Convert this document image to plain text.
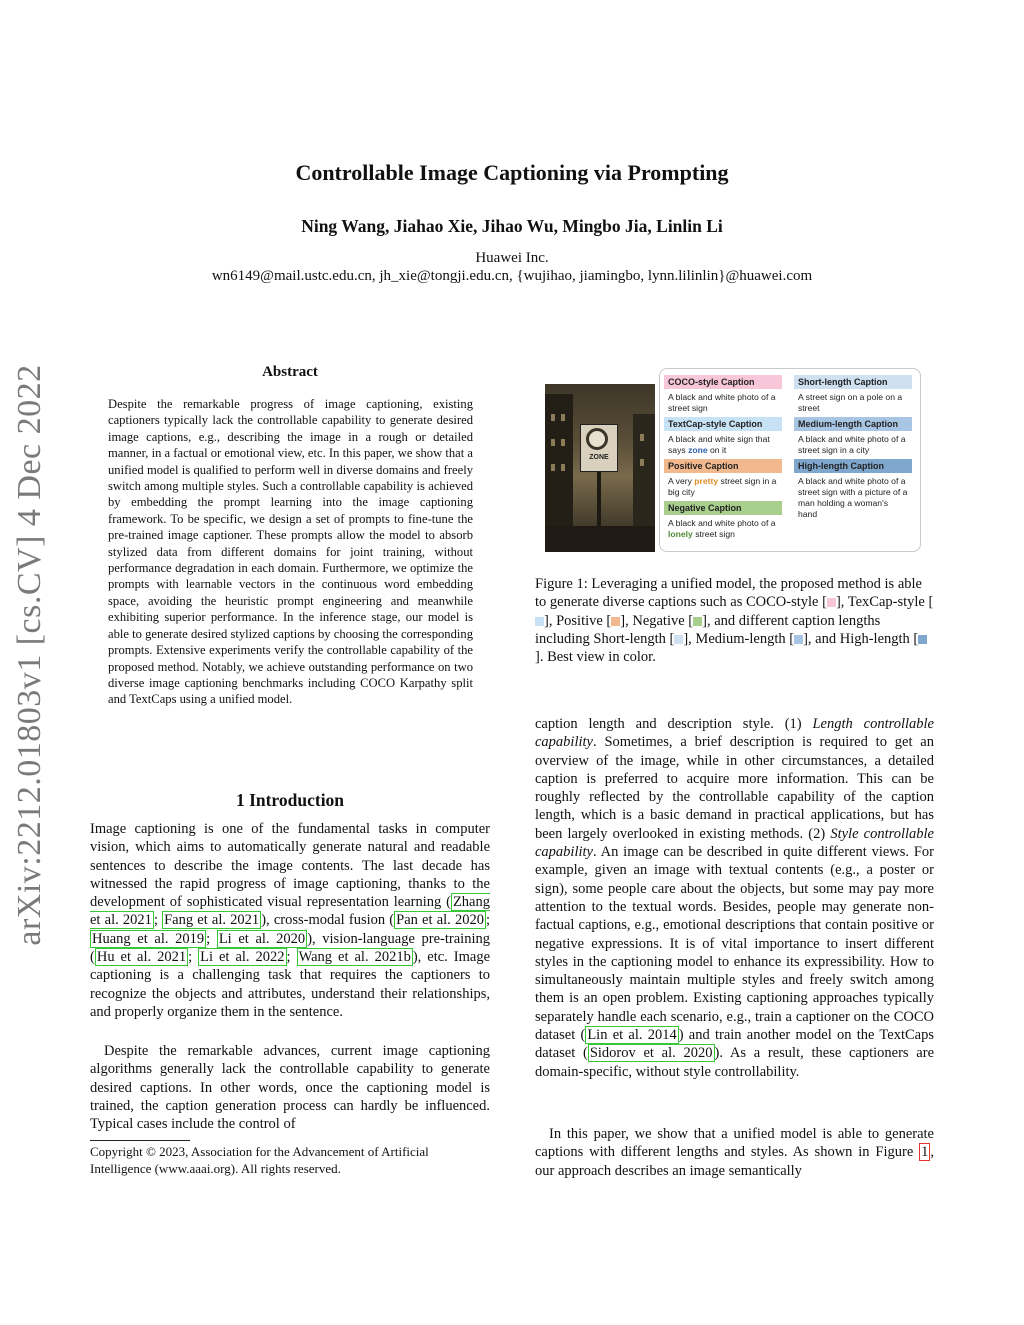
Controllable Image Captioning via Prompting
Ning Wang, Jiahao Xie, Jihao Wu, Mingbo Jia, Linlin Li
Huawei Inc.
wn6149@mail.ustc.edu.cn, jh_xie@tongji.edu.cn, {wujihao, jiamingbo, lynn.lilinlin}@huawei.com
arXiv:2212.01803v1 [cs.CV] 4 Dec 2022	Abstract
Despite the remarkable progress of image captioning, existing captioners typically lack the controllable capability to generate desired image captions, e.g., describing the image in a rough or detailed manner, in a factual or emotional view, etc. In this paper, we show that a unified model is qualified to perform well in diverse domains and freely switch among multiple styles. Such a controllable capability is achieved by embedding the prompt learning into the image captioning framework. To be specific, we design a set of prompts to fine-tune the pre-trained image captioner. These prompts allow the model to absorb stylized data from different domains for joint training, without performance degradation in each domain. Furthermore, we optimize the prompts with learnable vectors in the continuous word embedding space, avoiding the heuristic prompt engineering and meanwhile exhibiting superior performance. In the inference stage, our model is able to generate desired stylized captions by choosing the corresponding prompts. Extensive experiments verify the controllable capability of the proposed method. Notably, we achieve outstanding performance on two diverse image captioning benchmarks including COCO Karpathy split and TextCaps using a unified model.
1 Introduction
Image captioning is one of the fundamental tasks in computer vision, which aims to automatically generate natural and readable sentences to describe the image contents. The last decade has witnessed the rapid progress of image captioning, thanks to the development of sophisticated visual representation learning ( Zhang et al. 2021 ; Fang et al. 2021 ), cross-modal fusion ( Pan et al. 2020 ; Huang et al. 2019 ; Li et al. 2020 ), vision-language pre-training ( Hu et al. 2021 ; Li et al. 2022 ; Wang et al. 2021b ), etc. Image captioning is a challenging task that requires the captioners to recognize the objects and attributes, understand their relationships, and properly organize them in the sentence.
Despite the remarkable advances, current image captioning algorithms generally lack the controllable capability to generate desired captions. In other words, once the captioning model is trained, the caption generation process can hardly be influenced. Typical cases include the control of
Copyright © 2023, Association for the Advancement of Artificial Intelligence (www.aaai.org). All rights reserved.
ZONE
COCO-style Caption
A black and white photo of a street sign
TextCap-style Caption
A black and white sign that says zone on it
Positive Caption
A very pretty street sign in a big city
Negative Caption
A black and white photo of a lonely street sign
Short-length Caption
A street sign on a pole on a street
Medium-length Caption
A black and white photo of a street sign in a city
High-length Caption
A black and white photo of a street sign with a picture of a man holding a woman's hand
Figure 1: Leveraging a unified model, the proposed method is able to generate diverse captions such as COCO-style [ ], TexCap-style [], Positive [ ], Negative [ ], and different caption lengths including Short-length [ ], Medium-length [ ], and High-length []. Best view in color.
caption length and description style. (1) Length controllable capability. Sometimes, a brief description is required to get an overview of the image, while in other circumstances, a detailed caption is preferred to acquire more information. This can be roughly reflected by the controllable capability of the caption length, which is a basic demand in practical applications, but has been largely overlooked in existing methods. (2) Style controllable capability. An image can be described in quite different views. For example, given an image with textual contents (e.g., a poster or sign), some people care about the objects, but some may pay more attention to the textual words. Besides, people may generate non-factual captions, e.g., emotional descriptions that contain positive or negative expressions. It is of vital importance to insert different styles in the captioning model to enhance its expressibility. How to simultaneously maintain multiple styles and freely switch among them is an open problem. Existing captioning approaches typically separately handle each scenario, e.g., train a captioner on the COCO dataset ( Lin et al. 2014 ) and train another model on the TextCaps dataset ( Sidorov et al. 2020 ). As a result, these captioners are domain-specific, without style controllability.
In this paper, we show that a unified model is able to generate captions with different lengths and styles. As shown in Figure 1 , our approach describes an image semantically
